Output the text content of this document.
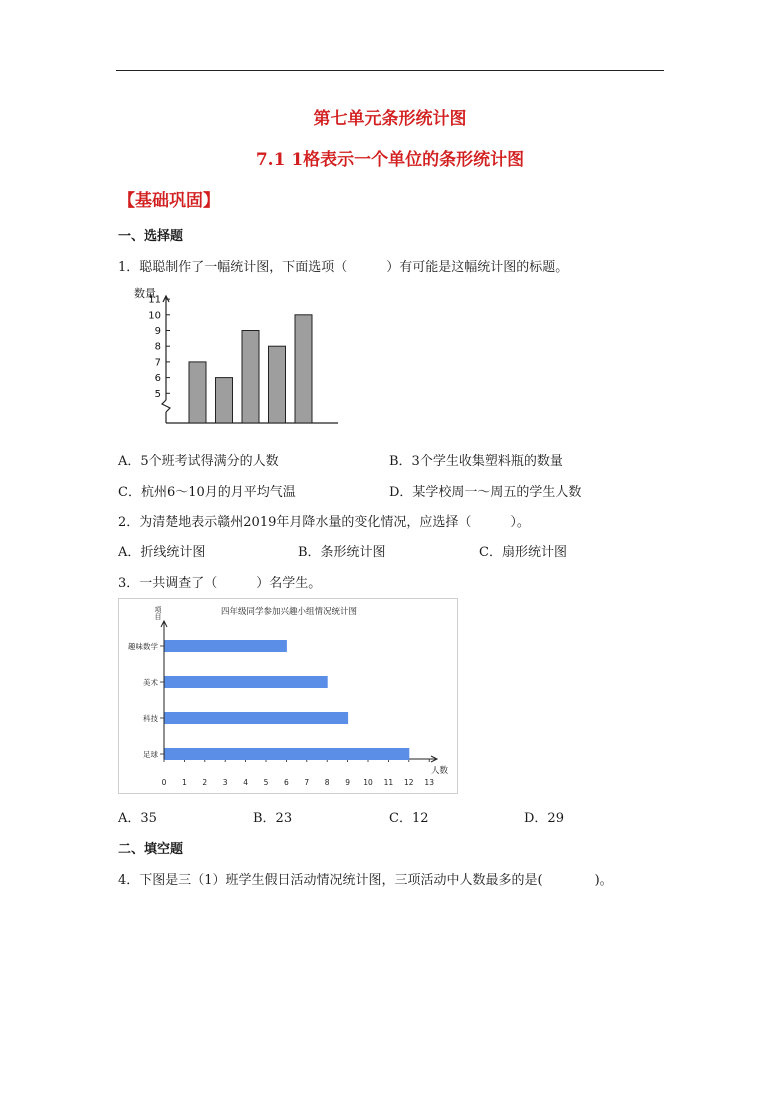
第七单元条形统计图
7.1 1格表示一个单位的条形统计图
【基础巩固】
一、选择题
1．聪聪制作了一幅统计图，下面选项（　　　）有可能是这幅统计图的标题。
数量
5
6
7
8
9
10
11
A．5个班考试得满分的人数	B．3个学生收集塑料瓶的数量
C．杭州6～10月的月平均气温	D．某学校周一～周五的学生人数
2．为清楚地表示赣州2019年月降水量的变化情况，应选择（　　　）。
A．折线统计图	B．条形统计图	C．扇形统计图
3．一共调查了（　　　）名学生。
四年级同学参加兴趣小组情况统计图
项目
人数
0 1 2 3 4 5 6 7 8 9 10 11 12 13
趣味数学
美术
科技
足球
A．35	B．23	C．12	D．29
二、填空题
4．下图是三（1）班学生假日活动情况统计图，三项活动中人数最多的是(　　　　)。
